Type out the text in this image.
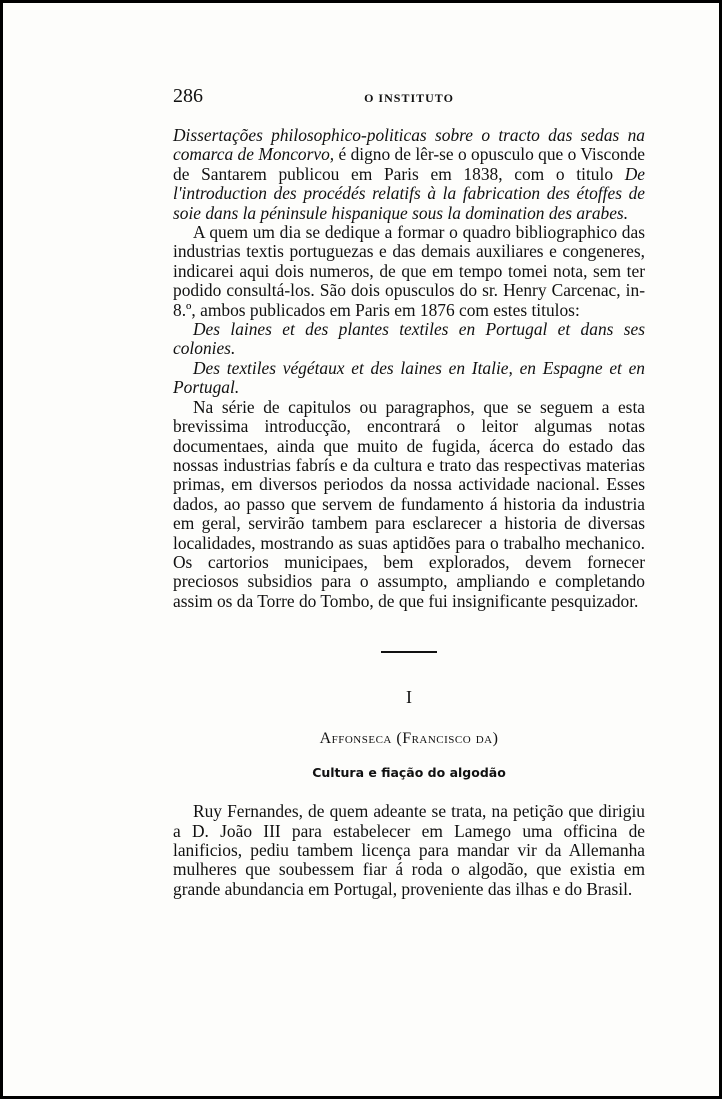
286	O INSTITUTO

Dissertações philosophico-politicas sobre o tracto das sedas na comarca de Moncorvo, é digno de lêr-se o opusculo que o Visconde de Santarem publicou em Paris em 1838, com o titulo De l'introduction des procédés relatifs à la fabrication des étoffes de soie dans la péninsule hispanique sous la domination des arabes.

A quem um dia se dedique a formar o quadro bibliographico das industrias textis portuguezas e das demais auxiliares e congeneres, indicarei aqui dois numeros, de que em tempo tomei nota, sem ter podido consultá-los. São dois opusculos do sr. Henry Carcenac, in-8.º, ambos publicados em Paris em 1876 com estes titulos:

Des laines et des plantes textiles en Portugal et dans ses colonies.

Des textiles végétaux et des laines en Italie, en Espagne et en Portugal.

Na série de capitulos ou paragraphos, que se seguem a esta brevissima introducção, encontrará o leitor algumas notas documentaes, ainda que muito de fugida, ácerca do estado das nossas industrias fabrís e da cultura e trato das respectivas materias primas, em diversos periodos da nossa actividade nacional. Esses dados, ao passo que servem de fundamento á historia da industria em geral, servirão tambem para esclarecer a historia de diversas localidades, mostrando as suas aptidões para o trabalho mechanico. Os cartorios municipaes, bem explorados, devem fornecer preciosos subsidios para o assumpto, ampliando e completando assim os da Torre do Tombo, de que fui insignificante pesquizador.

I
Affonseca (Francisco da)
Cultura e fiação do algodão

Ruy Fernandes, de quem adeante se trata, na petição que dirigiu a D. João III para estabelecer em Lamego uma officina de lanificios, pediu tambem licença para mandar vir da Allemanha mulheres que soubessem fiar á roda o algodão, que existia em grande abundancia em Portugal, proveniente das ilhas e do Brasil.
